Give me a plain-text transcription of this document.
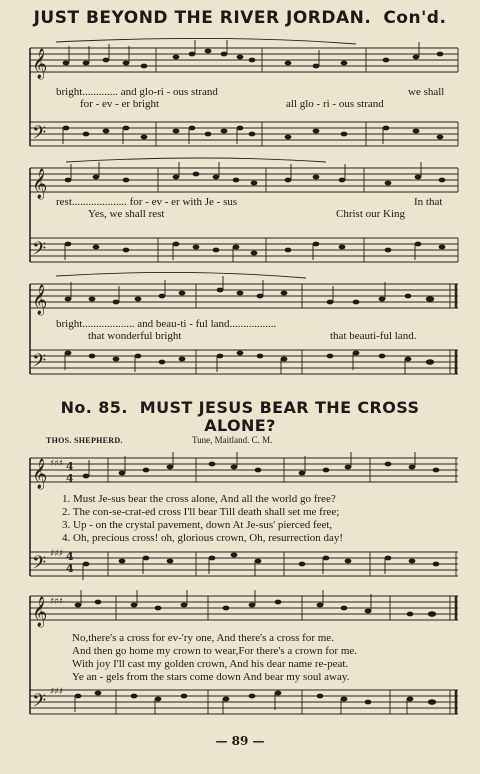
JUST BEYOND THE RIVER JORDAN. Con'd.
𝄞
𝄢
bright............. and glo-ri - ous strand	we shall
for - ev - er bright	all glo - ri - ous strand
𝄞
𝄢
rest.................... for - ev - er with Je - sus	In that
Yes, we shall rest	Christ our King
𝄞
𝄢
bright................... and beau-ti - ful land.................
that wonderful bright	that beauti-ful land.
No. 85. MUST JESUS BEAR THE CROSS
ALONE?
THOS. SHEPHERD.	Tune, Maitland. C. M.
𝄞
𝄢
♯♯♯
♯♯♯
4
4
4
4
1. Must Je-sus bear the cross alone, And all the world go free?
2. The con-se-crat-ed cross I'll bear Till death shall set me free;
3. Up - on the crystal pavement, down At Je-sus' pierced feet,
4. Oh, precious cross! oh, glorious crown, Oh, resurrection day!
𝄞
𝄢
♯♯♯
♯♯♯
No,there's a cross for ev-'ry one, And there's a cross for me.
And then go home my crown to wear,For there's a crown for me.
With joy I'll cast my golden crown, And his dear name re-peat.
Ye an - gels from the stars come down And bear my soul away.
— 89 —
